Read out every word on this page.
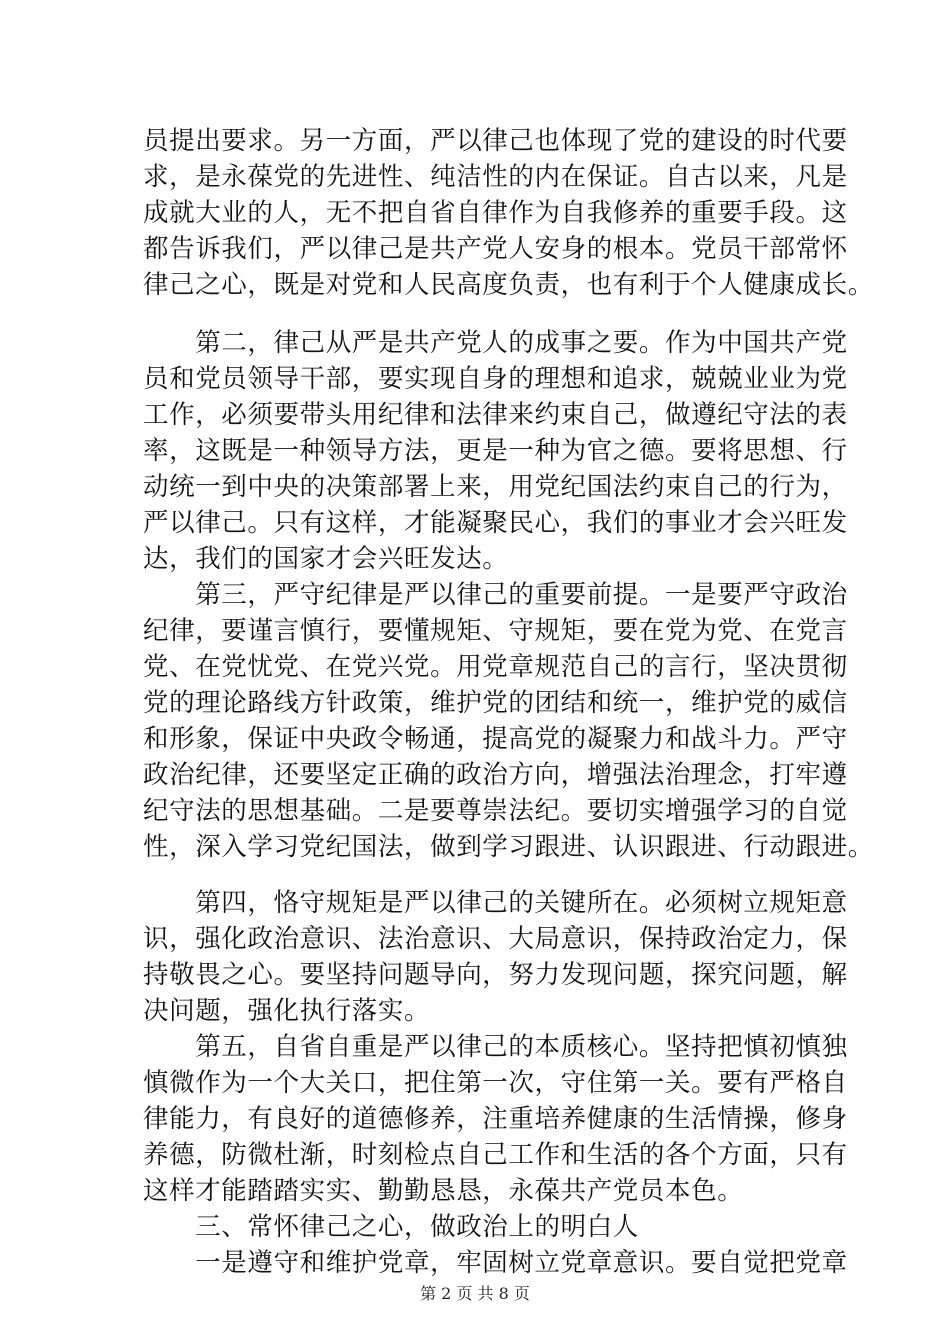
员提出要求。另一方面，严以律己也体现了党的建设的时代要
求，是永葆党的先进性、纯洁性的内在保证。自古以来，凡是
成就大业的人，无不把自省自律作为自我修养的重要手段。这
都告诉我们，严以律己是共产党人安身的根本。党员干部常怀
律己之心，既是对党和人民高度负责，也有利于个人健康成长。
　　第二，律己从严是共产党人的成事之要。作为中国共产党
员和党员领导干部，要实现自身的理想和追求，兢兢业业为党
工作，必须要带头用纪律和法律来约束自己，做遵纪守法的表
率，这既是一种领导方法，更是一种为官之德。要将思想、行
动统一到中央的决策部署上来，用党纪国法约束自己的行为，
严以律己。只有这样，才能凝聚民心，我们的事业才会兴旺发
达，我们的国家才会兴旺发达。
　　第三，严守纪律是严以律己的重要前提。一是要严守政治
纪律，要谨言慎行，要懂规矩、守规矩，要在党为党、在党言
党、在党忧党、在党兴党。用党章规范自己的言行，坚决贯彻
党的理论路线方针政策，维护党的团结和统一，维护党的威信
和形象，保证中央政令畅通，提高党的凝聚力和战斗力。严守
政治纪律，还要坚定正确的政治方向，增强法治理念，打牢遵
纪守法的思想基础。二是要尊崇法纪。要切实增强学习的自觉
性，深入学习党纪国法，做到学习跟进、认识跟进、行动跟进。
　　第四，恪守规矩是严以律己的关键所在。必须树立规矩意
识，强化政治意识、法治意识、大局意识，保持政治定力，保
持敬畏之心。要坚持问题导向，努力发现问题，探究问题，解
决问题，强化执行落实。
　　第五，自省自重是严以律己的本质核心。坚持把慎初慎独
慎微作为一个大关口，把住第一次，守住第一关。要有严格自
律能力，有良好的道德修养，注重培养健康的生活情操，修身
养德，防微杜渐，时刻检点自己工作和生活的各个方面，只有
这样才能踏踏实实、勤勤恳恳，永葆共产党员本色。
　　三、常怀律己之心，做政治上的明白人
　　一是遵守和维护党章，牢固树立党章意识。要自觉把党章
第 2 页 共 8 页
